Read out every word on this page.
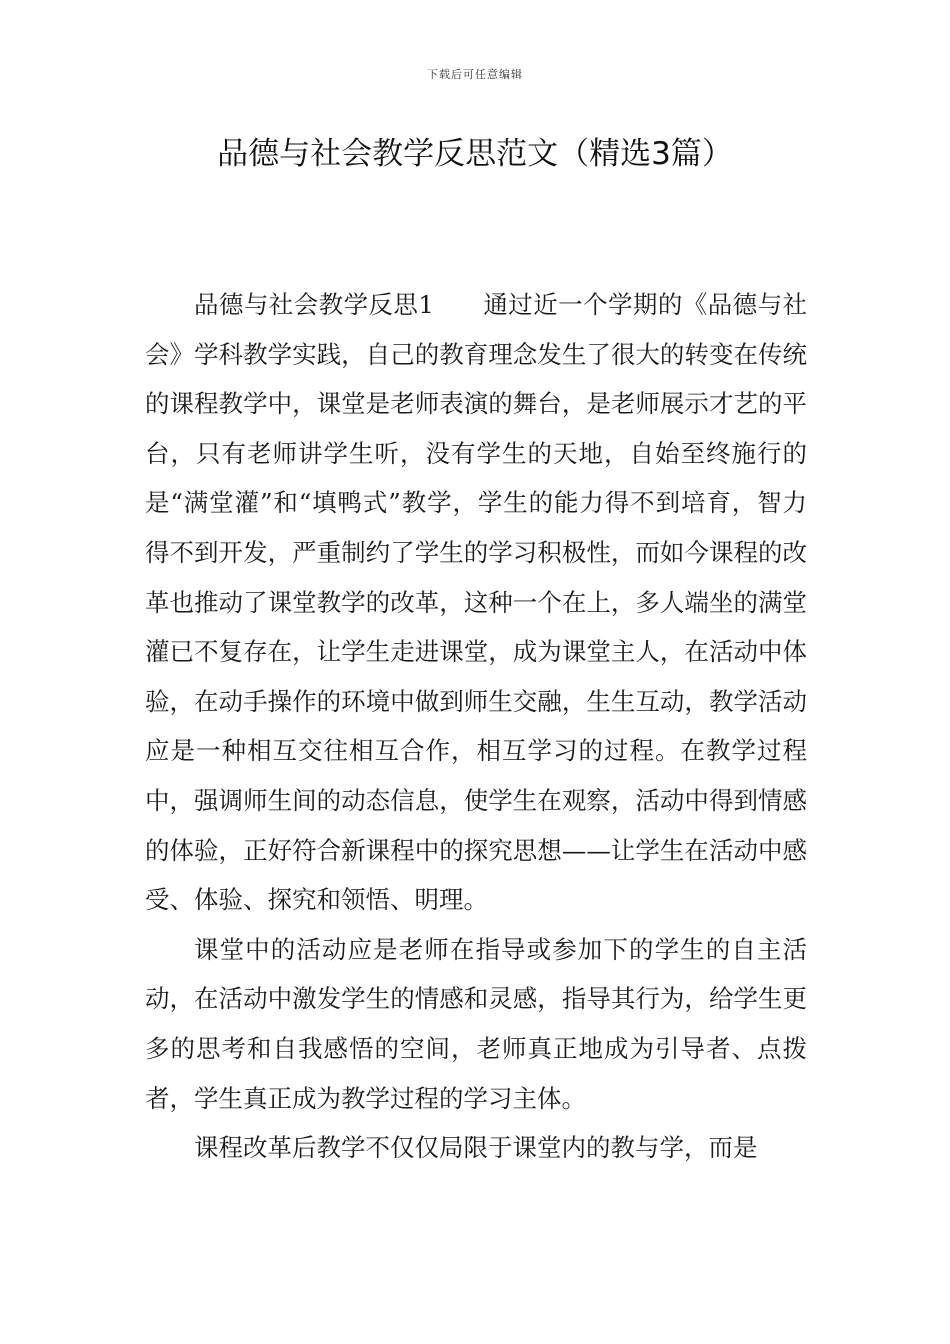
下载后可任意编辑
品德与社会教学反思范文（精选3篇）

品德与社会教学反思1 通过近一个学期的《品德与社会》学科教学实践，自己的教育理念发生了很大的转变在传统的课程教学中，课堂是老师表演的舞台，是老师展示才艺的平台，只有老师讲学生听，没有学生的天地，自始至终施行的是“满堂灌”和“填鸭式”教学，学生的能力得不到培育，智力得不到开发，严重制约了学生的学习积极性，而如今课程的改革也推动了课堂教学的改革，这种一个在上，多人端坐的满堂灌已不复存在，让学生走进课堂，成为课堂主人，在活动中体验，在动手操作的环境中做到师生交融，生生互动，教学活动应是一种相互交往相互合作，相互学习的过程。在教学过程中，强调师生间的动态信息，使学生在观察，活动中得到情感的体验，正好符合新课程中的探究思想——让学生在活动中感受、体验、探究和领悟、明理。

课堂中的活动应是老师在指导或参加下的学生的自主活动，在活动中激发学生的情感和灵感，指导其行为，给学生更多的思考和自我感悟的空间，老师真正地成为引导者、点拨者，学生真正成为教学过程的学习主体。

课程改革后教学不仅仅局限于课堂内的教与学，而是
